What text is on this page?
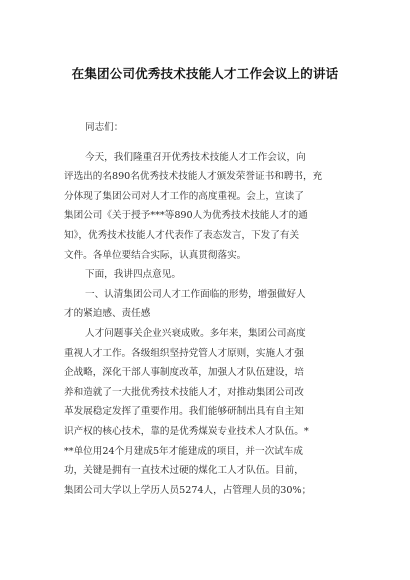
在集团公司优秀技术技能人才工作会议上的讲话
同志们：
今天，我们隆重召开优秀技术技能人才工作会议，向
评选出的名890名优秀技术技能人才颁发荣誉证书和聘书，充
分体现了集团公司对人才工作的高度重视。会上，宣读了
集团公司《关于授予***等890人为优秀技术技能人才的通
知》，优秀技术技能人才代表作了表态发言，下发了有关
文件。各单位要结合实际，认真贯彻落实。
下面，我讲四点意见。
一、认清集团公司人才工作面临的形势，增强做好人
才的紧迫感、责任感
人才问题事关企业兴衰成败。多年来，集团公司高度
重视人才工作。各级组织坚持党管人才原则，实施人才强
企战略，深化干部人事制度改革，加强人才队伍建设，培
养和造就了一大批优秀技术技能人才，对推动集团公司改
革发展稳定发挥了重要作用。我们能够研制出具有自主知
识产权的核心技术，靠的是优秀煤炭专业技术人才队伍。*
**单位用24个月建成5年才能建成的项目，并一次试车成
功，关键是拥有一直技术过硬的煤化工人才队伍。目前，
集团公司大学以上学历人员5274人，占管理人员的30%；
